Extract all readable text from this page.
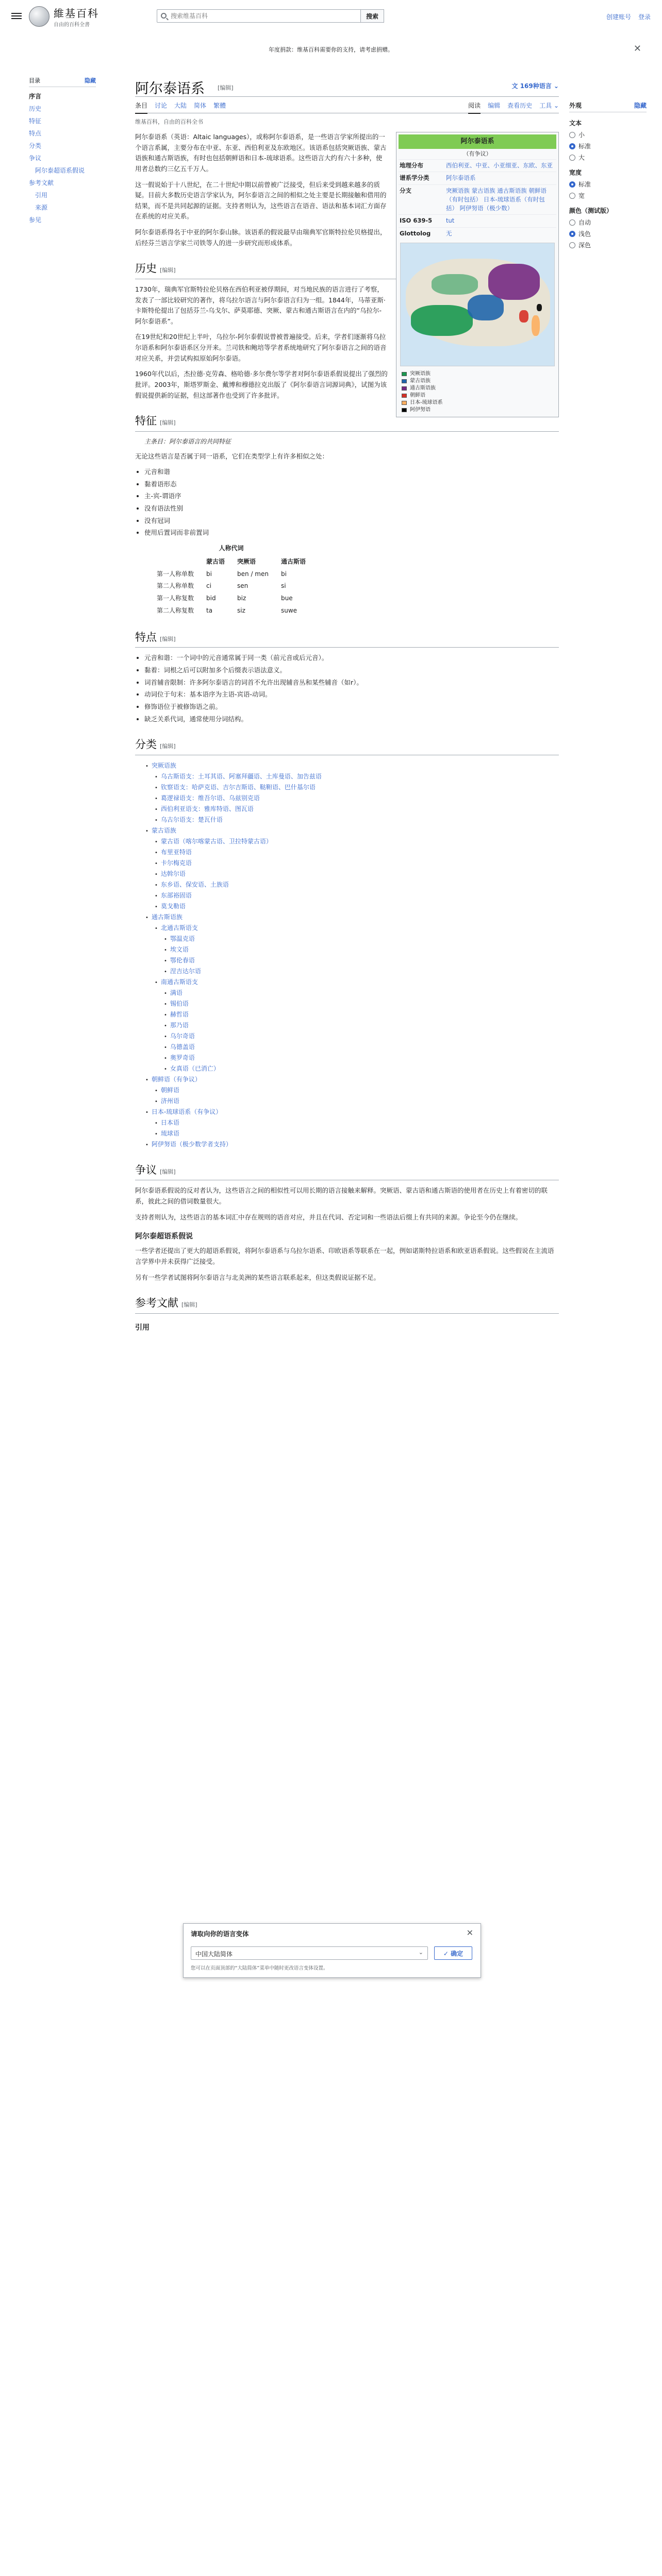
維基百科
自由的百科全書
搜索维基百科
搜索	创建账号 登录
年度捐款：维基百科需要你的支持，请考虑捐赠。	✕
目录	隐藏
序言
历史
特征
特点
分类
争议
阿尔泰超语系假说
参考文献
引用
来源
参见
阿尔泰语系 [编辑]	文 169种语言 ⌄
条目 讨论 大陆 简体 繁體	阅读 编辑 查看历史 工具 ⌄
维基百科，自由的百科全书
阿尔泰语系
（有争议）
地理分布	西伯利亚、中亚、小亚细亚、东欧、东亚
谱系学分类	阿尔泰语系
分支	突厥语族 蒙古语族 通古斯语族 朝鲜语（有时包括） 日本-琉球语系（有时包括） 阿伊努语（极少数）
ISO 639-5	tut
Glottolog	无
突厥语族
蒙古语族
通古斯语族
朝鲜语
日本-琉球语系
阿伊努语

阿尔泰语系（英语：Altaic languages），或称阿尔泰语系，是一些语言学家所提出的一个语言系属，主要分布在中亚、东亚、西伯利亚及东欧地区。该语系包括突厥语族、蒙古语族和通古斯语族，有时也包括朝鲜语和日本-琉球语系。这些语言大约有六十多种，使用者总数约三亿五千万人。

这一假说始于十八世纪，在二十世纪中期以前曾被广泛接受，但后来受到越来越多的质疑。目前大多数历史语言学家认为，阿尔泰语言之间的相似之处主要是长期接触和借用的结果，而不是共同起源的证据。支持者则认为，这些语言在语音、语法和基本词汇方面存在系统的对应关系。

阿尔泰语系得名于中亚的阿尔泰山脉。该语系的假说最早由瑞典军官斯特拉伦贝格提出，后经芬兰语言学家兰司铁等人的进一步研究而形成体系。

历史 [编辑]

1730年，瑞典军官斯特拉伦贝格在西伯利亚被俘期间，对当地民族的语言进行了考察，发表了一部比较研究的著作，将乌拉尔语言与阿尔泰语言归为一组。1844年，马蒂亚斯·卡斯特伦提出了包括芬兰-乌戈尔、萨莫耶德、突厥、蒙古和通古斯语言在内的“乌拉尔-阿尔泰语系”。

在19世纪和20世纪上半叶，乌拉尔-阿尔泰假说曾被普遍接受。后来，学者们逐渐将乌拉尔语系和阿尔泰语系区分开来。兰司铁和鲍培等学者系统地研究了阿尔泰语言之间的语音对应关系，并尝试构拟原始阿尔泰语。

1960年代以后，杰拉德·克劳森、格哈德·多尔费尔等学者对阿尔泰语系假说提出了强烈的批评。2003年，斯塔罗斯金、戴博和穆德拉克出版了《阿尔泰语言词源词典》，试图为该假说提供新的证据，但这部著作也受到了许多批评。

特征 [编辑]
主条目：阿尔泰语言的共同特征

无论这些语言是否属于同一语系，它们在类型学上有许多相似之处：

• 元音和谐
• 黏着语形态
• 主-宾-谓语序
• 没有语法性别
• 没有冠词
• 使用后置词而非前置词
人称代词
	蒙古语	突厥语	通古斯语
第一人称单数	bi	ben / men	bi
第二人称单数	ci	sen	si
第一人称复数	bid	biz	bue
第二人称复数	ta	siz	suwe
特点 [编辑]
• 元音和谐：一个词中的元音通常属于同一类（前元音或后元音）。
• 黏着：词根之后可以附加多个后缀表示语法意义。
• 词首辅音限制：许多阿尔泰语言的词首不允许出现辅音丛和某些辅音（如r）。
• 动词位于句末：基本语序为主语-宾语-动词。
• 修饰语位于被修饰语之前。
• 缺乏关系代词，通常使用分词结构。
分类 [编辑]
• 突厥语族
• 乌古斯语支：土耳其语、阿塞拜疆语、土库曼语、加告兹语
• 钦察语支：哈萨克语、吉尔吉斯语、鞑靼语、巴什基尔语
• 葛逻禄语支：维吾尔语、乌兹别克语
• 西伯利亚语支：雅库特语、图瓦语
• 乌古尔语支：楚瓦什语
• 蒙古语族
• 蒙古语（喀尔喀蒙古语、卫拉特蒙古语）
• 布里亚特语
• 卡尔梅克语
• 达斡尔语
• 东乡语、保安语、土族语
• 东部裕固语
• 莫戈勒语
• 通古斯语族
• 北通古斯语支
• 鄂温克语
• 埃文语
• 鄂伦春语
• 涅吉达尔语
• 南通古斯语支
• 满语
• 锡伯语
• 赫哲语
• 那乃语
• 乌尔奇语
• 乌德盖语
• 奥罗奇语
• 女真语（已消亡）
• 朝鲜语（有争议）
• 朝鲜语
• 济州语
• 日本-琉球语系（有争议）
• 日本语
• 琉球语
• 阿伊努语（极少数学者支持）
争议 [编辑]

阿尔泰语系假说的反对者认为，这些语言之间的相似性可以用长期的语言接触来解释。突厥语、蒙古语和通古斯语的使用者在历史上有着密切的联系，彼此之间的借词数量很大。

支持者则认为，这些语言的基本词汇中存在规则的语音对应，并且在代词、否定词和一些语法后缀上有共同的来源。争论至今仍在继续。

阿尔泰超语系假说

一些学者还提出了更大的超语系假说，将阿尔泰语系与乌拉尔语系、印欧语系等联系在一起，例如诺斯特拉语系和欧亚语系假说。这些假说在主流语言学界中并未获得广泛接受。

另有一些学者试图将阿尔泰语言与北美洲的某些语言联系起来，但这类假说证据不足。

参考文献 [编辑]
引用
外观	隐藏
文本
小
标准
大
宽度
标准
宽
颜色（测试版）
自动
浅色
深色
请取向你的语言变体	✕
中国大陆简体	⌄	✓ 确定
您可以在页面顶部的“大陆简体”菜单中随时更改语言变体设置。
